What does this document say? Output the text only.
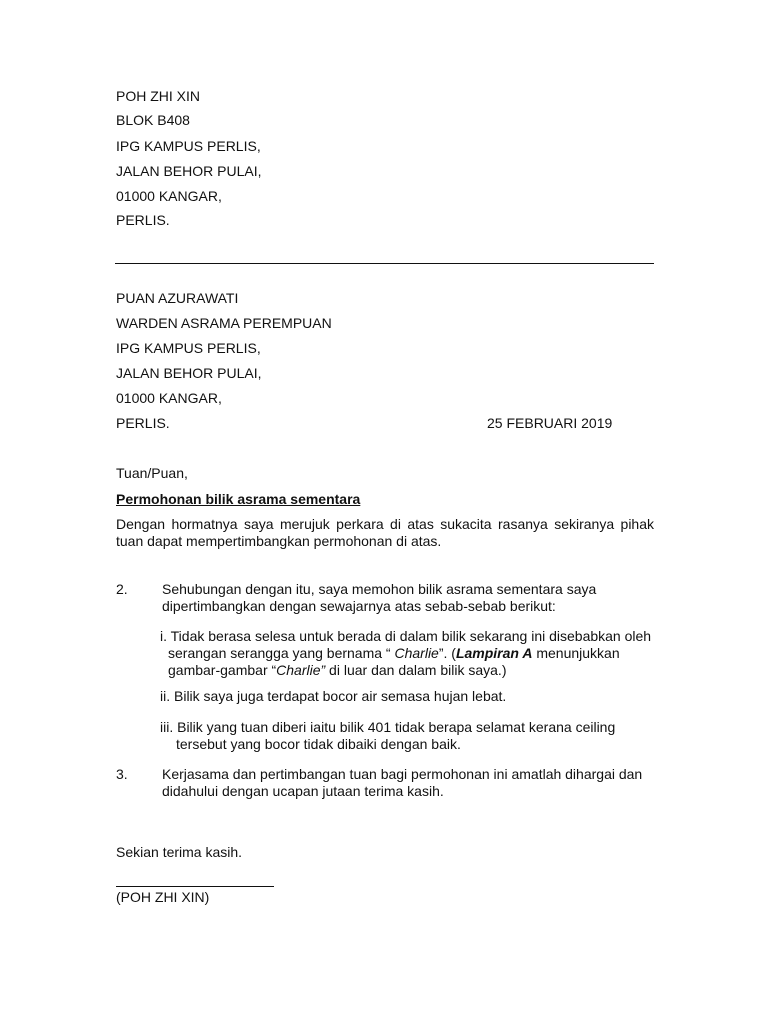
POH ZHI XIN
BLOK B408
IPG KAMPUS PERLIS,
JALAN BEHOR PULAI,
01000 KANGAR,
PERLIS.
PUAN AZURAWATI
WARDEN ASRAMA PEREMPUAN
IPG KAMPUS PERLIS,
JALAN BEHOR PULAI,
01000 KANGAR,
PERLIS.	25 FEBRUARI 2019
Tuan/Puan,
Permohonan bilik asrama sementara
Dengan hormatnya saya merujuk perkara di atas sukacita rasanya sekiranya pihak tuan dapat mempertimbangkan permohonan di atas.
2. Sehubungan dengan itu, saya memohon bilik asrama sementara saya
dipertimbangkan dengan sewajarnya atas sebab-sebab berikut:
i. Tidak berasa selesa untuk berada di dalam bilik sekarang ini disebabkan oleh
serangan serangga yang bernama “ Charlie”. (Lampiran A menunjukkan
gambar-gambar “Charlie” di luar dan dalam bilik saya.)
ii. Bilik saya juga terdapat bocor air semasa hujan lebat.
iii. Bilik yang tuan diberi iaitu bilik 401 tidak berapa selamat kerana ceiling
tersebut yang bocor tidak dibaiki dengan baik.
3. Kerjasama dan pertimbangan tuan bagi permohonan ini amatlah dihargai dan
didahului dengan ucapan jutaan terima kasih.
Sekian terima kasih.
(POH ZHI XIN)
